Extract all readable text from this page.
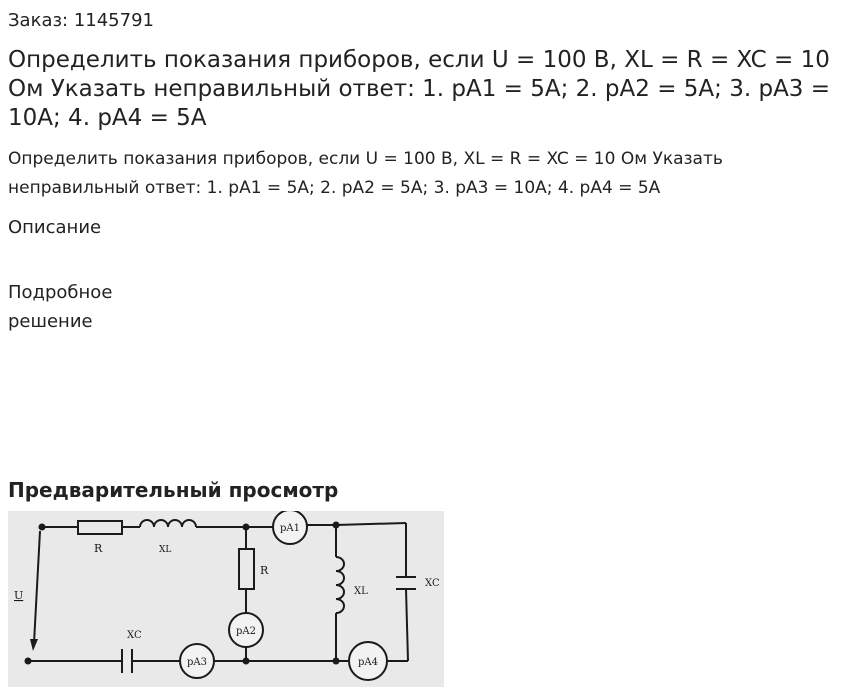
Заказ: 1145791
Определить показания приборов, если U = 100 В, XL = R = XC = 10 Ом Указать неправильный ответ: 1. pA1 = 5A; 2. pA2 = 5A; 3. pA3 = 10A; 4. pA4 = 5A
Определить показания приборов, если U = 100 В, XL = R = XC = 10 Ом Указать неправильный ответ: 1. pA1 = 5A; 2. pA2 = 5A; 3. pA3 = 10A; 4. pA4 = 5A
Описание
Подробное решение
Предварительный просмотр
R	XL
R
XL
XC
XC
U
pA1
pA2
pA3	pA4
